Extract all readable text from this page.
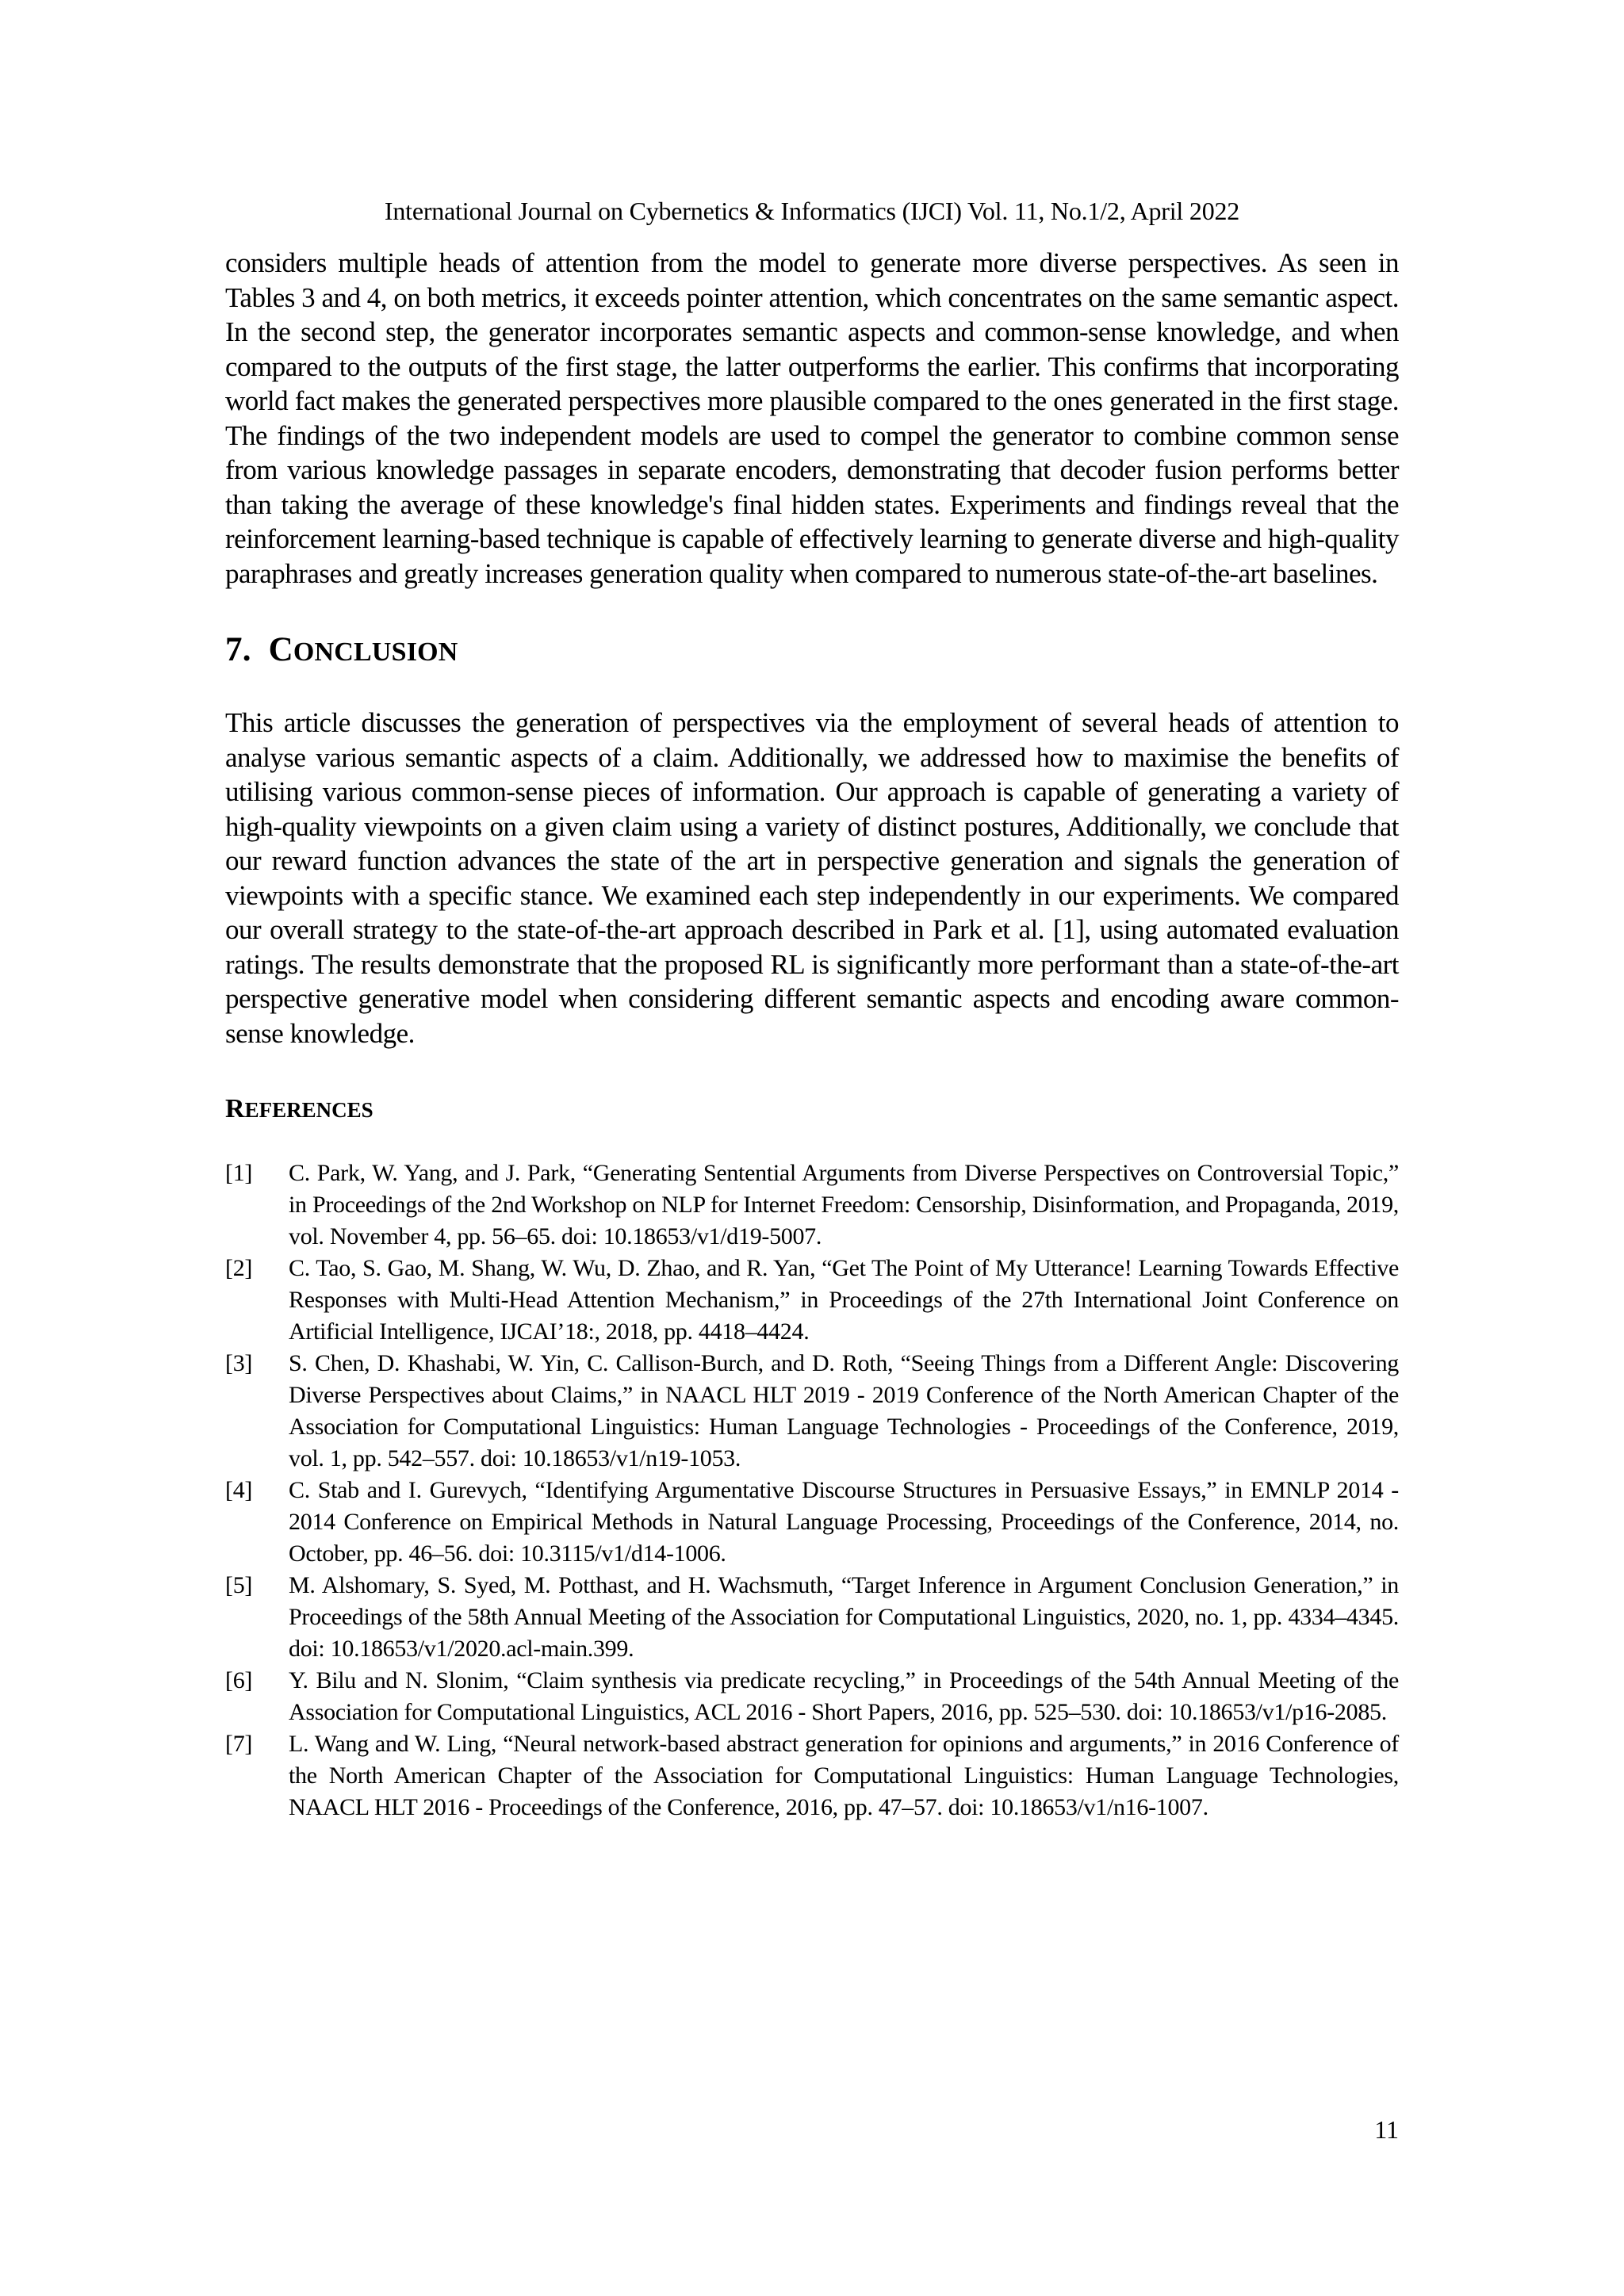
International Journal on Cybernetics & Informatics (IJCI) Vol. 11, No.1/2, April 2022

considers multiple heads of attention from the model to generate more diverse perspectives. As seen in Tables 3 and 4, on both metrics, it exceeds pointer attention, which concentrates on the same semantic aspect. In the second step, the generator incorporates semantic aspects and common-sense knowledge, and when compared to the outputs of the first stage, the latter outperforms the earlier. This confirms that incorporating world fact makes the generated perspectives more plausible compared to the ones generated in the first stage. The findings of the two independent models are used to compel the generator to combine common sense from various knowledge passages in separate encoders, demonstrating that decoder fusion performs better than taking the average of these knowledge's final hidden states. Experiments and findings reveal that the reinforcement learning-based technique is capable of effectively learning to generate diverse and high-quality paraphrases and greatly increases generation quality when compared to numerous state-of-the-art baselines.

7. CONCLUSION

This article discusses the generation of perspectives via the employment of several heads of attention to analyse various semantic aspects of a claim. Additionally, we addressed how to maximise the benefits of utilising various common-sense pieces of information. Our approach is capable of generating a variety of high-quality viewpoints on a given claim using a variety of distinct postures, Additionally, we conclude that our reward function advances the state of the art in perspective generation and signals the generation of viewpoints with a specific stance. We examined each step independently in our experiments. We compared our overall strategy to the state-of-the-art approach described in Park et al. [1], using automated evaluation ratings. The results demonstrate that the proposed RL is significantly more performant than a state-of-the-art perspective generative model when considering different semantic aspects and encoding aware common-sense knowledge.

REFERENCES
[1]	C. Park, W. Yang, and J. Park, “Generating Sentential Arguments from Diverse Perspectives on Controversial Topic,” in Proceedings of the 2nd Workshop on NLP for Internet Freedom: Censorship, Disinformation, and Propaganda, 2019, vol. November 4, pp. 56–65. doi: 10.18653/v1/d19-5007.
[2]	C. Tao, S. Gao, M. Shang, W. Wu, D. Zhao, and R. Yan, “Get The Point of My Utterance! Learning Towards Effective Responses with Multi-Head Attention Mechanism,” in Proceedings of the 27th International Joint Conference on Artificial Intelligence, IJCAI’18:, 2018, pp. 4418–4424.
[3]	S. Chen, D. Khashabi, W. Yin, C. Callison-Burch, and D. Roth, “Seeing Things from a Different Angle: Discovering Diverse Perspectives about Claims,” in NAACL HLT 2019 - 2019 Conference of the North American Chapter of the Association for Computational Linguistics: Human Language Technologies - Proceedings of the Conference, 2019, vol. 1, pp. 542–557. doi: 10.18653/v1/n19-1053.
[4]	C. Stab and I. Gurevych, “Identifying Argumentative Discourse Structures in Persuasive Essays,” in EMNLP 2014 - 2014 Conference on Empirical Methods in Natural Language Processing, Proceedings of the Conference, 2014, no. October, pp. 46–56. doi: 10.3115/v1/d14-1006.
[5]	M. Alshomary, S. Syed, M. Potthast, and H. Wachsmuth, “Target Inference in Argument Conclusion Generation,” in Proceedings of the 58th Annual Meeting of the Association for Computational Linguistics, 2020, no. 1, pp. 4334–4345. doi: 10.18653/v1/2020.acl-main.399.
[6]	Y. Bilu and N. Slonim, “Claim synthesis via predicate recycling,” in Proceedings of the 54th Annual Meeting of the Association for Computational Linguistics, ACL 2016 - Short Papers, 2016, pp. 525–530. doi: 10.18653/v1/p16-2085.
[7]	L. Wang and W. Ling, “Neural network-based abstract generation for opinions and arguments,” in 2016 Conference of the North American Chapter of the Association for Computational Linguistics: Human Language Technologies, NAACL HLT 2016 - Proceedings of the Conference, 2016, pp. 47–57. doi: 10.18653/v1/n16-1007.
11
